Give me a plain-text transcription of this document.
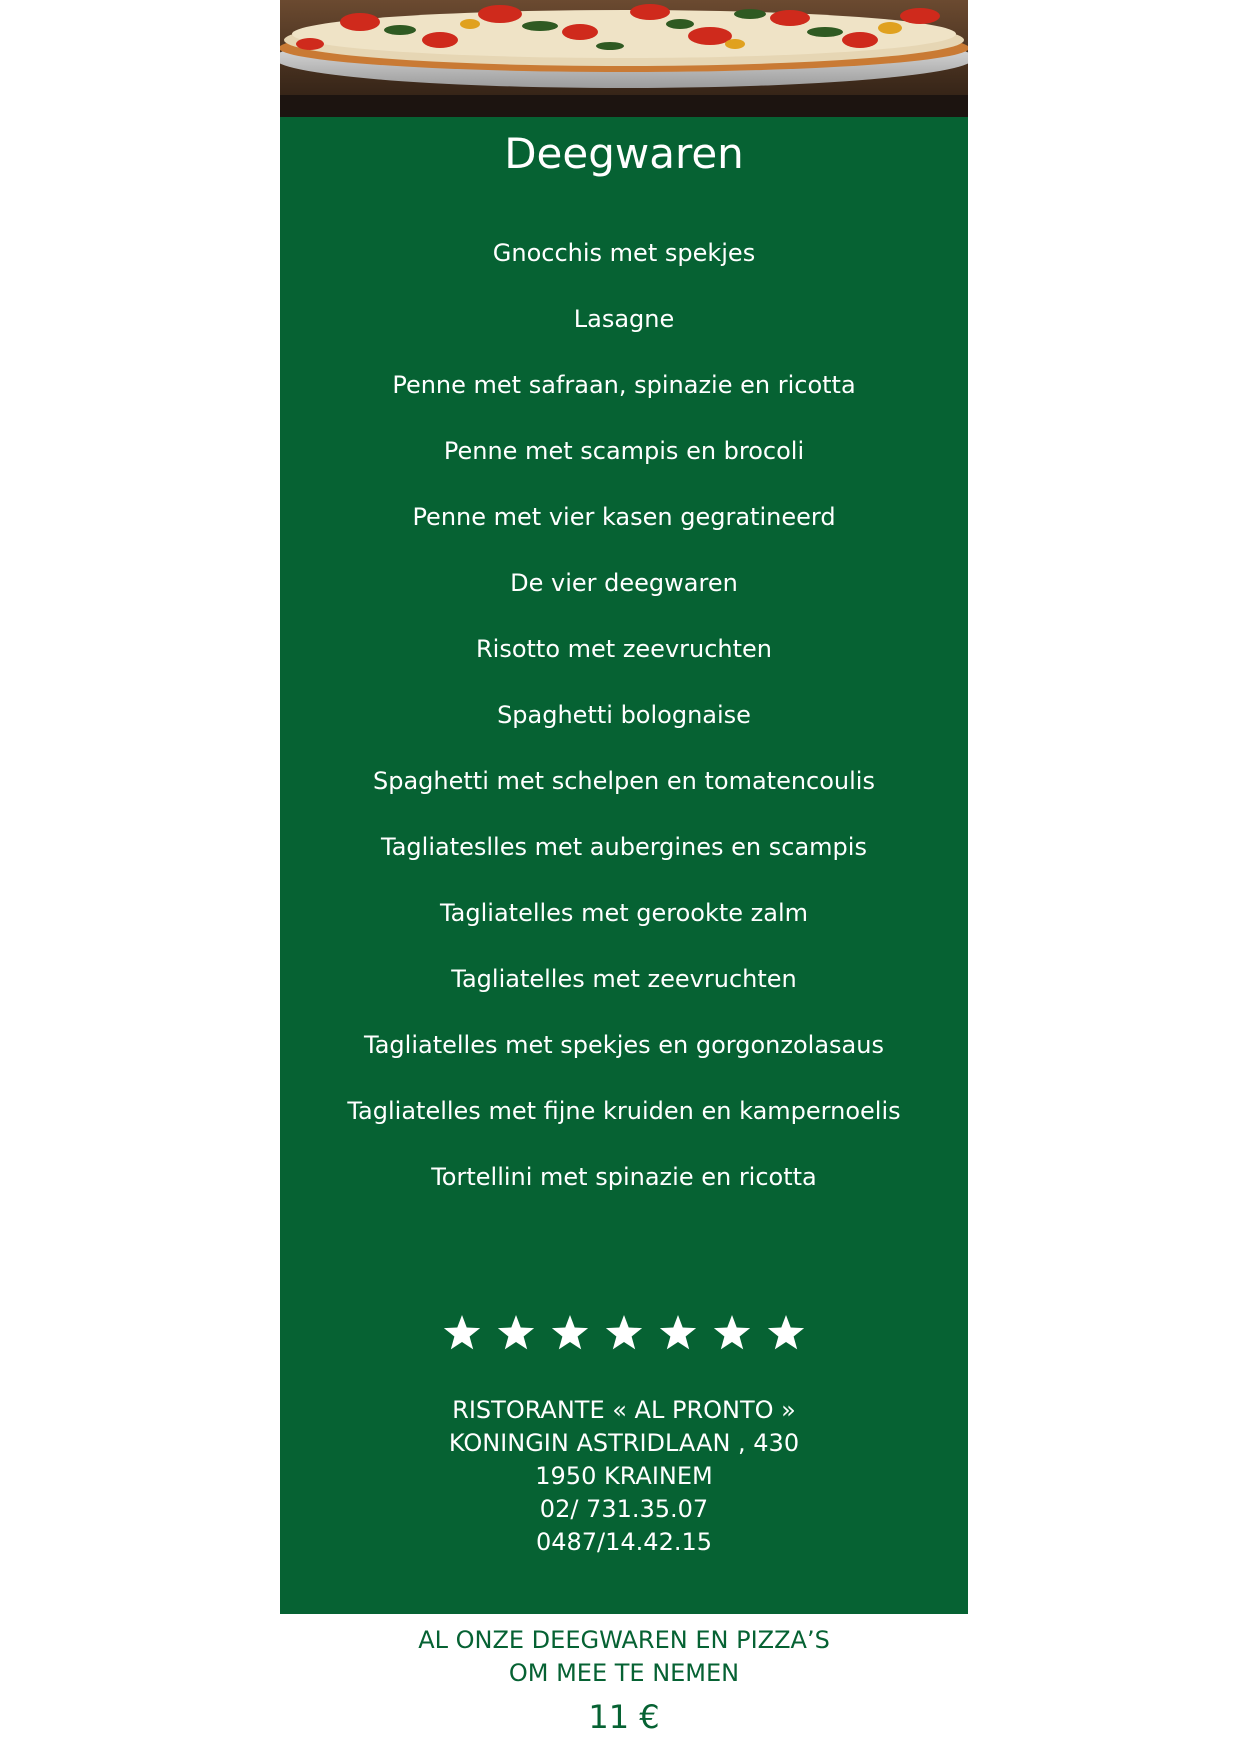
Deegwaren
Gnocchis met spekjes
Lasagne
Penne met safraan, spinazie en ricotta
Penne met scampis en brocoli
Penne met vier kasen gegratineerd
De vier deegwaren
Risotto met zeevruchten
Spaghetti bolognaise
Spaghetti met schelpen en tomatencoulis
Tagliateslles met aubergines en scampis
Tagliatelles met gerookte zalm
Tagliatelles met zeevruchten
Tagliatelles met spekjes en gorgonzolasaus
Tagliatelles met fijne kruiden en kampernoelis
Tortellini met spinazie en ricotta
RISTORANTE « AL PRONTO »
KONINGIN ASTRIDLAAN , 430
1950 KRAINEM
02/ 731.35.07
0487/14.42.15
AL ONZE DEEGWAREN EN PIZZA’S
OM MEE TE NEMEN
11 €
